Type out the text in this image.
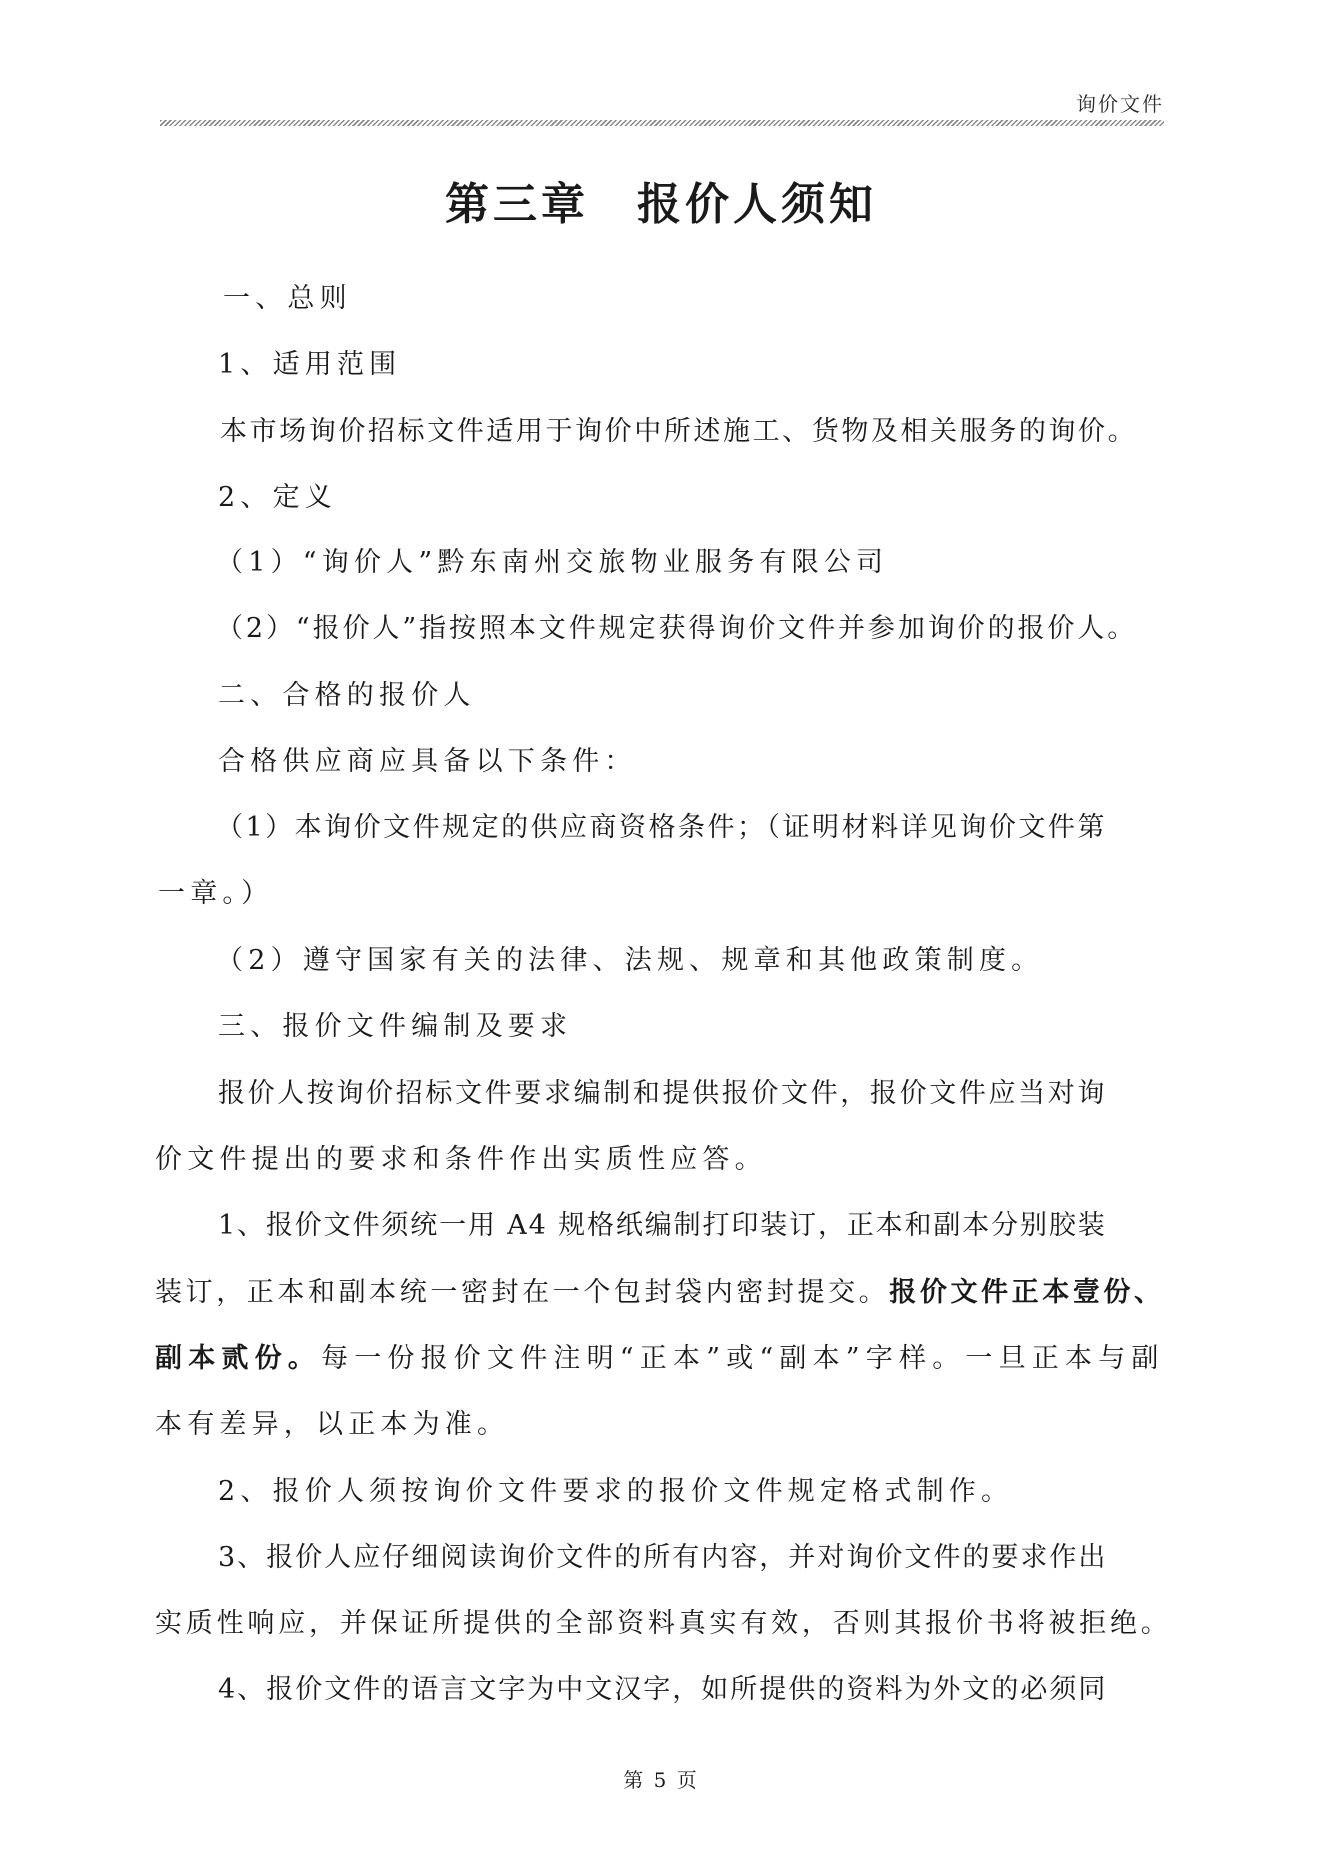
询价文件
第三章　报价人须知
一、总则
1、适用范围
本市场询价招标文件适用于询价中所述施工、货物及相关服务的询价。
2、定义
（1）“询价人”黔东南州交旅物业服务有限公司
（2）“报价人”指按照本文件规定获得询价文件并参加询价的报价人。
二、合格的报价人
合格供应商应具备以下条件：
（1）本询价文件规定的供应商资格条件；（证明材料详见询价文件第
一章。）
（2）遵守国家有关的法律、法规、规章和其他政策制度。
三、报价文件编制及要求
报价人按询价招标文件要求编制和提供报价文件，报价文件应当对询
价文件提出的要求和条件作出实质性应答。
1、报价文件须统一用 A4 规格纸编制打印装订，正本和副本分别胶装
装订，正本和副本统一密封在一个包封袋内密封提交。报价文件正本壹份、
副本贰份。每一份报价文件注明“正本”或“副本”字样。一旦正本与副
本有差异，以正本为准。
2、报价人须按询价文件要求的报价文件规定格式制作。
3、报价人应仔细阅读询价文件的所有内容，并对询价文件的要求作出
实质性响应，并保证所提供的全部资料真实有效，否则其报价书将被拒绝。
4、报价文件的语言文字为中文汉字，如所提供的资料为外文的必须同
第 5 页
